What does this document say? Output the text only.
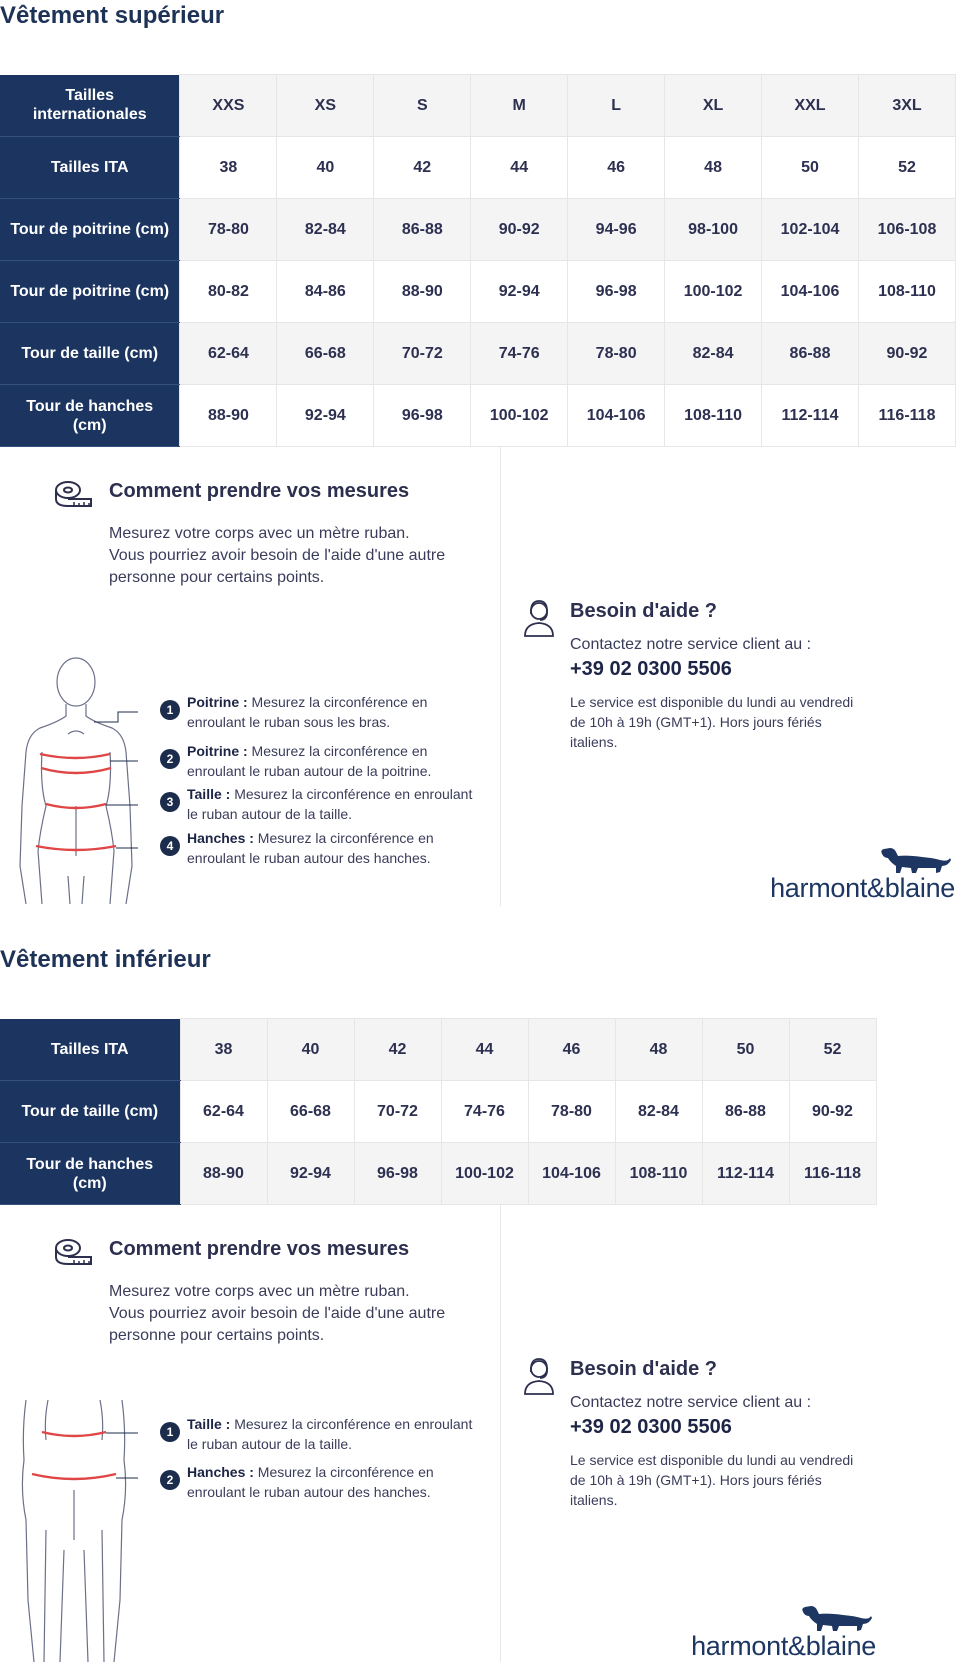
Vêtement supérieur
Tailles internationales	XXS	XS	S	M	L	XL	XXL	3XL
Tailles ITA	38	40	42	44	46	48	50	52
Tour de poitrine (cm)	78-80	82-84	86-88	90-92	94-96	98-100	102-104	106-108
Tour de poitrine (cm)	80-82	84-86	88-90	92-94	96-98	100-102	104-106	108-110
Tour de taille (cm)	62-64	66-68	70-72	74-76	78-80	82-84	86-88	90-92
Tour de hanches (cm)	88-90	92-94	96-98	100-102	104-106	108-110	112-114	116-118
Comment prendre vos mesures

Mesurez votre corps avec un mètre ruban. Vous pourriez avoir besoin de l'aide d'une autre personne pour certains points.

1 Poitrine : Mesurez la circonférence en enroulant le ruban sous les bras.
2 Poitrine : Mesurez la circonférence en enroulant le ruban autour de la poitrine.
3 Taille : Mesurez la circonférence en enroulant le ruban autour de la taille.
4 Hanches : Mesurez la circonférence en enroulant le ruban autour des hanches.
Besoin d'aide ?

Contactez notre service client au :

+39 02 0300 5506

Le service est disponible du lundi au vendredi de 10h à 19h (GMT+1). Hors jours fériés italiens.

harmont&blaine
Vêtement inférieur
Tailles ITA	38	40	42	44	46	48	50	52
Tour de taille (cm)	62-64	66-68	70-72	74-76	78-80	82-84	86-88	90-92
Tour de hanches (cm)	88-90	92-94	96-98	100-102	104-106	108-110	112-114	116-118
Comment prendre vos mesures

Mesurez votre corps avec un mètre ruban. Vous pourriez avoir besoin de l'aide d'une autre personne pour certains points.

1 Taille : Mesurez la circonférence en enroulant le ruban autour de la taille.
2 Hanches : Mesurez la circonférence en enroulant le ruban autour des hanches.
Besoin d'aide ?

Contactez notre service client au :

+39 02 0300 5506

Le service est disponible du lundi au vendredi de 10h à 19h (GMT+1). Hors jours fériés italiens.

harmont&blaine
